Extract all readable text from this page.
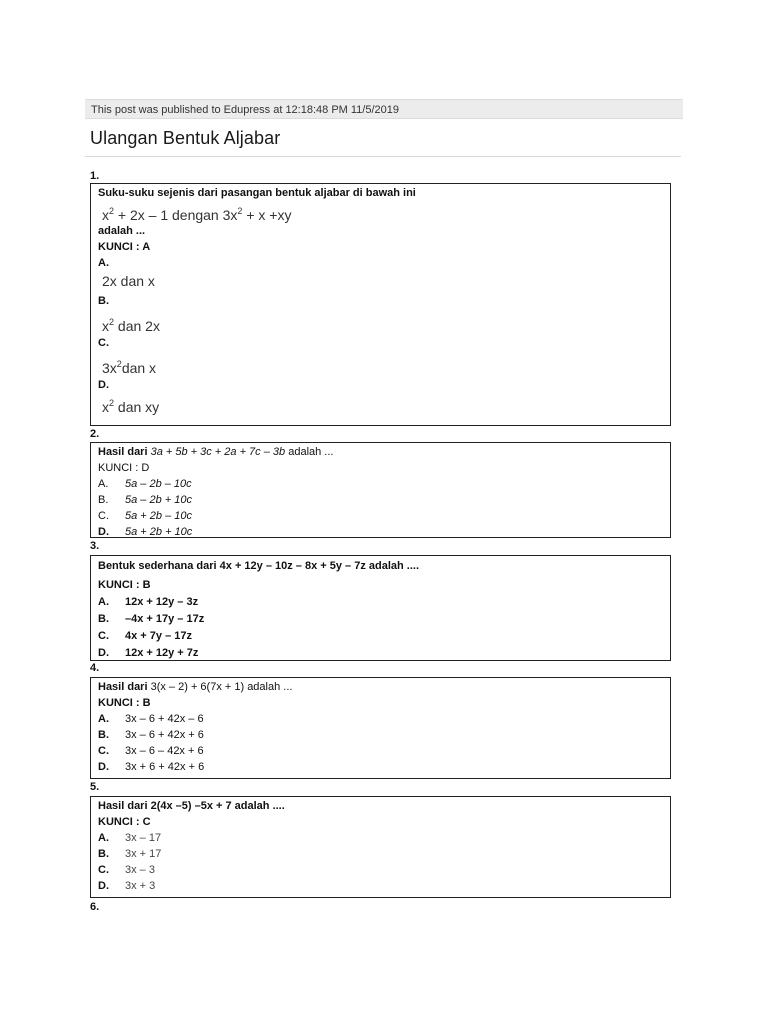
This post was published to Edupress at 12:18:48 PM 11/5/2019
Ulangan Bentuk Aljabar
1.
Suku-suku sejenis dari pasangan bentuk aljabar di bawah ini
$x^2 + 2x - 1$ dengan $3x^2 + x +xy$
adalah ...
KUNCI : A
A.
2x dan x
B.
$x^2$ dan 2x
C.
$3x^2dan$ x
D.
$x^2$ dan xy
2.
Hasil dari 3a + 5b + 3c + 2a + 7c – 3b adalah ...
KUNCI : D
A.	5a – 2b – 10c
B.	5a – 2b + 10c
C.	5a + 2b – 10c
D.	5a + 2b + 10c
3.
Bentuk sederhana dari 4x + 12y – 10z – 8x + 5y – 7z adalah ....
KUNCI : B
A.	12x + 12y – 3z
B.	–4x + 17y – 17z
C.	4x + 7y – 17z
D.	12x + 12y + 7z
4.
Hasil dari 3(x – 2) + 6(7x + 1) adalah ...
KUNCI : B
A.	3x – 6 + 42x – 6
B.	3x – 6 + 42x + 6
C.	3x – 6 – 42x + 6
D.	3x + 6 + 42x + 6
5.
Hasil dari 2(4x –5) –5x + 7 adalah ....
KUNCI : C
A.	3x – 17
B.	3x + 17
C.	3x – 3
D.	3x + 3
6.
